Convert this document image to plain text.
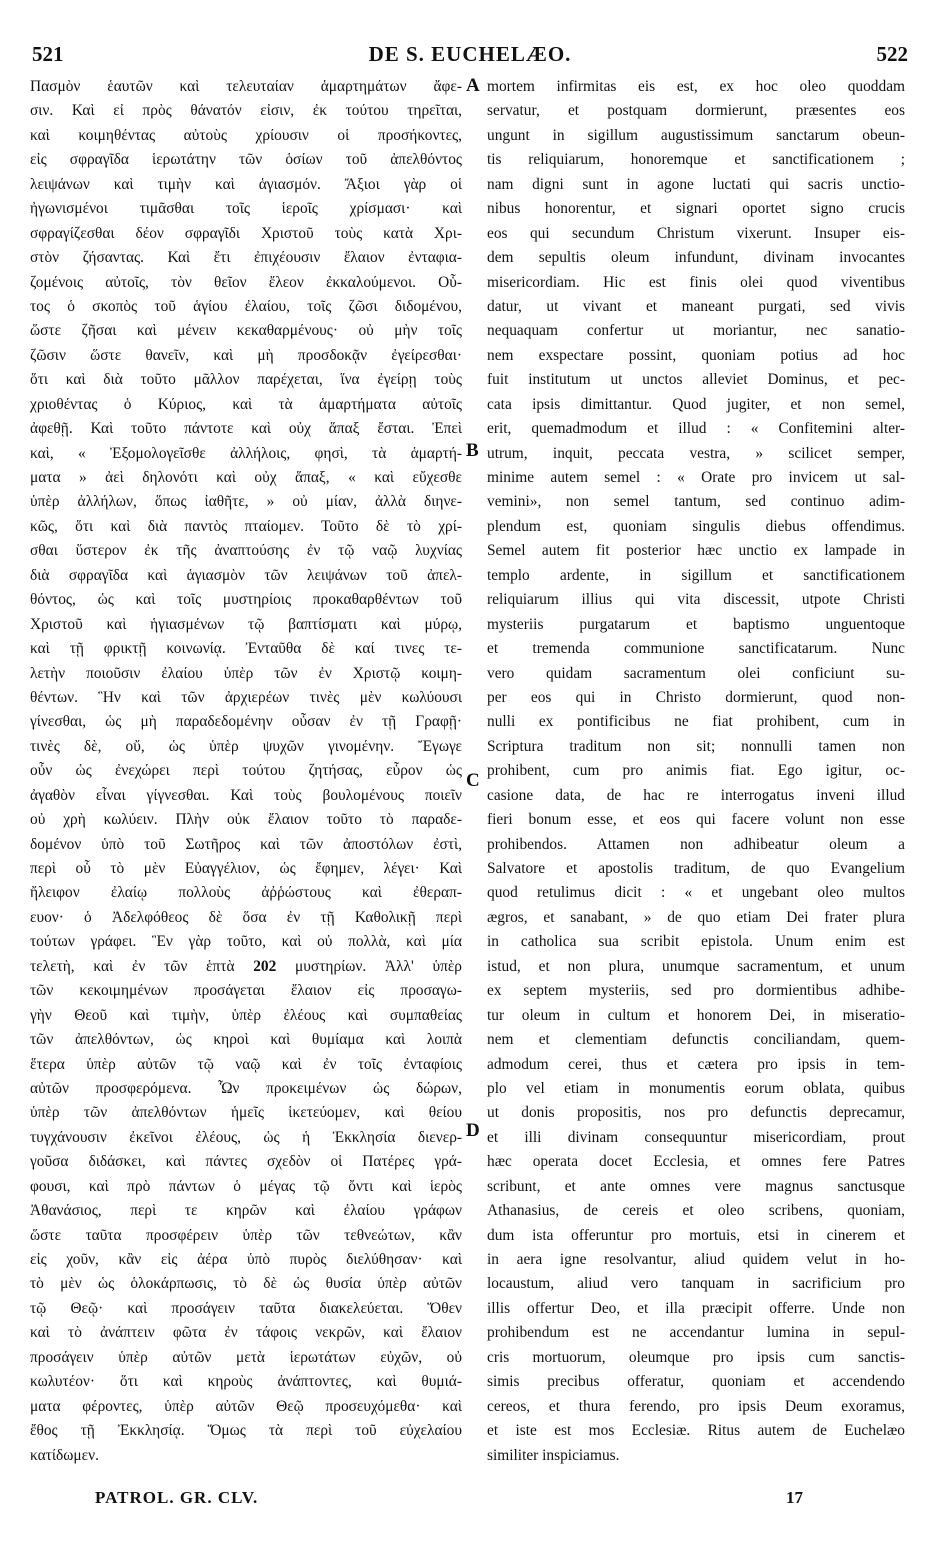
521	DE S. EUCHELÆO.	522
Πασμὸν ἑαυτῶν καὶ τελευταίαν ἁμαρτημάτων ἄφε-
σιν. Καὶ εἰ πρὸς θάνατόν εἰσιν, ἐκ τούτου τηρεῖται,
καὶ κοιμηθέντας αὐτοὺς χρίουσιν οἱ προσήκοντες,
εἰς σφραγῖδα ἱερωτάτην τῶν ὁσίων τοῦ ἀπελθόντος
λειψάνων καὶ τιμὴν καὶ ἁγιασμόν. Ἄξιοι γὰρ οἱ
ἠγωνισμένοι τιμᾶσθαι τοῖς ἱεροῖς χρίσμασι· καὶ
σφραγίζεσθαι δέον σφραγῖδι Χριστοῦ τοὺς κατὰ Χρι-
στὸν ζήσαντας. Καὶ ἔτι ἐπιχέουσιν ἔλαιον ἐνταφια-
ζομένοις αὐτοῖς, τὸν θεῖον ἔλεον ἐκκαλούμενοι. Οὗ-
τος ὁ σκοπὸς τοῦ ἁγίου ἐλαίου, τοῖς ζῶσι διδομένου,
ὥστε ζῆσαι καὶ μένειν κεκαθαρμένους· οὐ μὴν τοῖς
ζῶσιν ὥστε θανεῖν, καὶ μὴ προσδοκᾷν ἐγείρεσθαι·
ὅτι καὶ διὰ τοῦτο μᾶλλον παρέχεται, ἵνα ἐγείρῃ τοὺς
χριοθέντας ὁ Κύριος, καὶ τὰ ἁμαρτήματα αὐτοῖς
ἀφεθῇ. Καὶ τοῦτο πάντοτε καὶ οὐχ ἅπαξ ἔσται. Ἐπεὶ
καὶ, « Ἐξομολογεῖσθε ἀλλήλοις, φησὶ, τὰ ἁμαρτή-
ματα » ἀεὶ δηλονότι καὶ οὐχ ἅπαξ, « καὶ εὔχεσθε
ὑπὲρ ἀλλήλων, ὅπως ἰαθῆτε, » οὐ μίαν, ἀλλὰ διηνε-
κῶς, ὅτι καὶ διὰ παντὸς πταίομεν. Τοῦτο δὲ τὸ χρί-
σθαι ὕστερον ἐκ τῆς ἀναπτούσης ἐν τῷ ναῷ λυχνίας
διὰ σφραγῖδα καὶ ἁγιασμὸν τῶν λειψάνων τοῦ ἀπελ-
θόντος, ὡς καὶ τοῖς μυστηρίοις προκαθαρθέντων τοῦ
Χριστοῦ καὶ ἡγιασμένων τῷ βαπτίσματι καὶ μύρῳ,
καὶ τῇ φρικτῇ κοινωνίᾳ. Ἐνταῦθα δὲ καί τινες τε-
λετὴν ποιοῦσιν ἐλαίου ὑπὲρ τῶν ἐν Χριστῷ κοιμη-
θέντων. Ἣν καὶ τῶν ἀρχιερέων τινὲς μὲν κωλύουσι
γίνεσθαι, ὡς μὴ παραδεδομένην οὖσαν ἐν τῇ Γραφῇ·
τινὲς δὲ, οὔ, ὡς ὑπὲρ ψυχῶν γινομένην. Ἔγωγε
οὖν ὡς ἐνεχώρει περὶ τούτου ζητήσας, εὗρον ὡς
ἀγαθὸν εἶναι γίγνεσθαι. Καὶ τοὺς βουλομένους ποιεῖν
οὐ χρὴ κωλύειν. Πλὴν οὐκ ἔλαιον τοῦτο τὸ παραδε-
δομένον ὑπὸ τοῦ Σωτῆρος καὶ τῶν ἀποστόλων ἐστὶ,
περὶ οὗ τὸ μὲν Εὐαγγέλιον, ὡς ἔφημεν, λέγει· Καὶ
ἤλειφον ἐλαίῳ πολλοὺς ἀῤῥώστους καὶ ἐθεραπ-
ευον· ὁ Ἀδελφόθεος δὲ ὅσα ἐν τῇ Καθολικῇ περὶ
τούτων γράφει. Ἓν γὰρ τοῦτο, καὶ οὐ πολλὰ, καὶ μία
τελετὴ, καὶ ἐν τῶν ἑπτὰ 202 μυστηρίων. Ἀλλ' ὑπὲρ
τῶν κεκοιμημένων προσάγεται ἔλαιον εἰς προσαγω-
γὴν Θεοῦ καὶ τιμὴν, ὑπὲρ ἐλέους καὶ συμπαθείας
τῶν ἀπελθόντων, ὡς κηροὶ καὶ θυμίαμα καὶ λοιπὰ
ἕτερα ὑπὲρ αὐτῶν τῷ ναῷ καὶ ἐν τοῖς ἐνταφίοις
αὐτῶν προσφερόμενα. Ὧν προκειμένων ὡς δώρων,
ὑπὲρ τῶν ἀπελθόντων ἡμεῖς ἱκετεύομεν, καὶ θείου
τυγχάνουσιν ἐκεῖνοι ἐλέους, ὡς ἡ Ἐκκλησία διενερ-
γοῦσα διδάσκει, καὶ πάντες σχεδὸν οἱ Πατέρες γρά-
φουσι, καὶ πρὸ πάντων ὁ μέγας τῷ ὄντι καὶ ἱερὸς
Ἀθανάσιος, περὶ τε κηρῶν καὶ ἐλαίου γράφων
ὥστε ταῦτα προσφέρειν ὑπὲρ τῶν τεθνεώτων, κἂν
εἰς χοῦν, κἂν εἰς ἀέρα ὑπὸ πυρὸς διελύθησαν· καὶ
τὸ μὲν ὡς ὁλοκάρπωσις, τὸ δὲ ὡς θυσία ὑπὲρ αὐτῶν
τῷ Θεῷ· καὶ προσάγειν ταῦτα διακελεύεται. Ὅθεν
καὶ τὸ ἀνάπτειν φῶτα ἐν τάφοις νεκρῶν, καὶ ἔλαιον
προσάγειν ὑπὲρ αὐτῶν μετὰ ἱερωτάτων εὐχῶν, οὐ
κωλυτέον· ὅτι καὶ κηροὺς ἀνάπτοντες, καὶ θυμιά-
ματα φέροντες, ὑπὲρ αὐτῶν Θεῷ προσευχόμεθα· καὶ
ἔθος τῇ Ἐκκλησίᾳ. Ὅμως τὰ περὶ τοῦ εὐχελαίου
κατίδωμεν.
mortem infirmitas eis est, ex hoc oleo quoddam
servatur, et postquam dormierunt, præsentes eos
ungunt in sigillum augustissimum sanctarum obeun-
tis reliquiarum, honoremque et sanctificationem ;
nam digni sunt in agone luctati qui sacris unctio-
nibus honorentur, et signari oportet signo crucis
eos qui secundum Christum vixerunt. Insuper eis-
dem sepultis oleum infundunt, divinam invocantes
misericordiam. Hic est finis olei quod viventibus
datur, ut vivant et maneant purgati, sed vivis
nequaquam confertur ut moriantur, nec sanatio-
nem exspectare possint, quoniam potius ad hoc
fuit institutum ut unctos alleviet Dominus, et pec-
cata ipsis dimittantur. Quod jugiter, et non semel,
erit, quemadmodum et illud : « Confitemini alter-
utrum, inquit, peccata vestra, » scilicet semper,
minime autem semel : « Orate pro invicem ut sal-
vemini», non semel tantum, sed continuo adim-
plendum est, quoniam singulis diebus offendimus.
Semel autem fit posterior hæc unctio ex lampade in
templo ardente, in sigillum et sanctificationem
reliquiarum illius qui vita discessit, utpote Christi
mysteriis purgatarum et baptismo unguentoque
et tremenda communione sanctificatarum. Nunc
vero quidam sacramentum olei conficiunt su-
per eos qui in Christo dormierunt, quod non-
nulli ex pontificibus ne fiat prohibent, cum in
Scriptura traditum non sit; nonnulli tamen non
prohibent, cum pro animis fiat. Ego igitur, oc-
casione data, de hac re interrogatus inveni illud
fieri bonum esse, et eos qui facere volunt non esse
prohibendos. Attamen non adhibeatur oleum a
Salvatore et apostolis traditum, de quo Evangelium
quod retulimus dicit : « et ungebant oleo multos
ægros, et sanabant, » de quo etiam Dei frater plura
in catholica sua scribit epistola. Unum enim est
istud, et non plura, unumque sacramentum, et unum
ex septem mysteriis, sed pro dormientibus adhibe-
tur oleum in cultum et honorem Dei, in miseratio-
nem et clementiam defunctis conciliandam, quem-
admodum cerei, thus et cætera pro ipsis in tem-
plo vel etiam in monumentis eorum oblata, quibus
ut donis propositis, nos pro defunctis deprecamur,
et illi divinam consequuntur misericordiam, prout
hæc operata docet Ecclesia, et omnes fere Patres
scribunt, et ante omnes vere magnus sanctusque
Athanasius, de cereis et oleo scribens, quoniam,
dum ista offeruntur pro mortuis, etsi in cinerem et
in aera igne resolvantur, aliud quidem velut in ho-
locaustum, aliud vero tanquam in sacrificium pro
illis offertur Deo, et illa præcipit offerre. Unde non
prohibendum est ne accendantur lumina in sepul-
cris mortuorum, oleumque pro ipsis cum sanctis-
simis precibus offeratur, quoniam et accendendo
cereos, et thura ferendo, pro ipsis Deum exoramus,
et iste est mos Ecclesiæ. Ritus autem de Euchelæo
similiter inspiciamus.
A
B
C
D
PATROL. GR. CLV.	17
